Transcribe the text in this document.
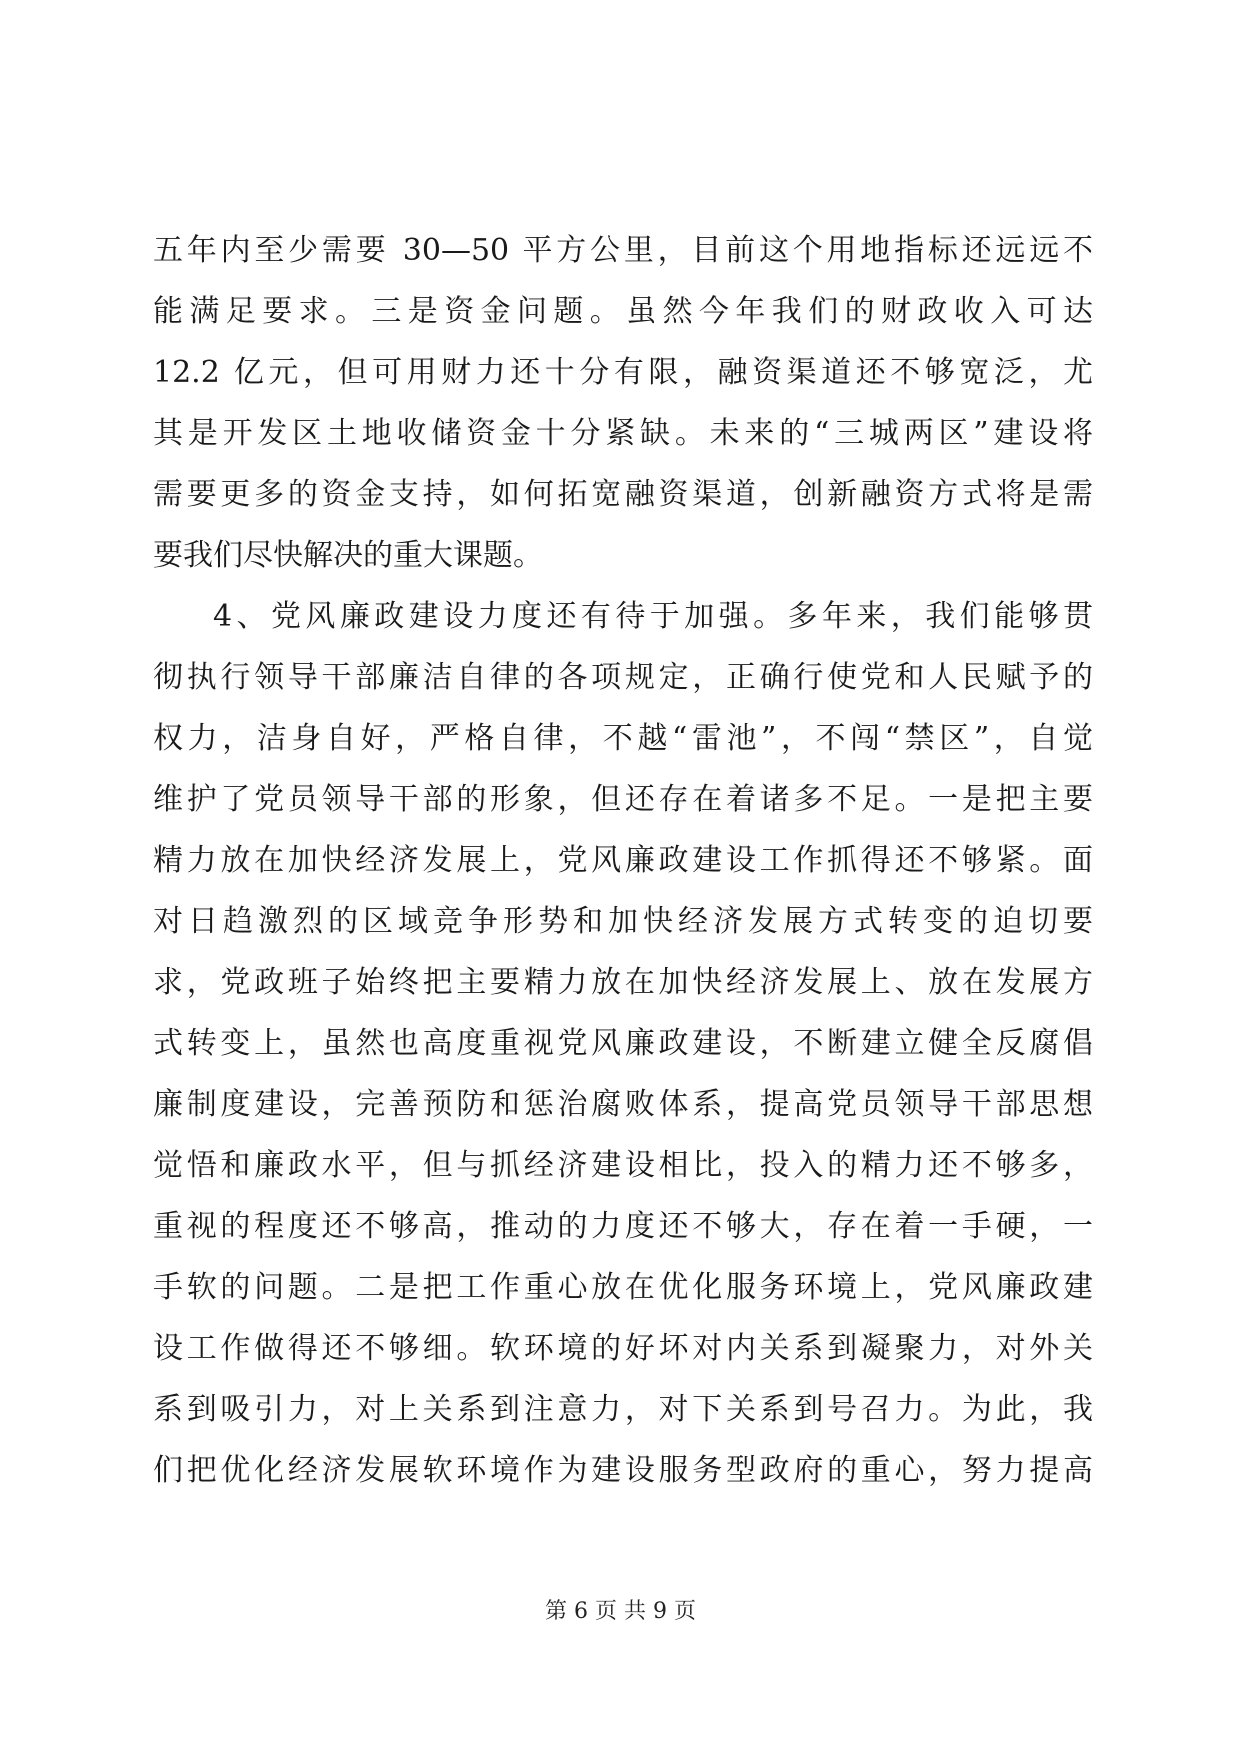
五年内至少需要 30—50 平方公里，目前这个用地指标还远远不
能满足要求。三是资金问题。虽然今年我们的财政收入可达
12.2 亿元，但可用财力还十分有限，融资渠道还不够宽泛，尤
其是开发区土地收储资金十分紧缺。未来的“三城两区”建设将
需要更多的资金支持，如何拓宽融资渠道，创新融资方式将是需
要我们尽快解决的重大课题。
4、党风廉政建设力度还有待于加强。多年来，我们能够贯
彻执行领导干部廉洁自律的各项规定，正确行使党和人民赋予的
权力，洁身自好，严格自律，不越“雷池”，不闯“禁区”，自觉
维护了党员领导干部的形象，但还存在着诸多不足。一是把主要
精力放在加快经济发展上，党风廉政建设工作抓得还不够紧。面
对日趋激烈的区域竞争形势和加快经济发展方式转变的迫切要
求，党政班子始终把主要精力放在加快经济发展上、放在发展方
式转变上，虽然也高度重视党风廉政建设，不断建立健全反腐倡
廉制度建设，完善预防和惩治腐败体系，提高党员领导干部思想
觉悟和廉政水平，但与抓经济建设相比，投入的精力还不够多，
重视的程度还不够高，推动的力度还不够大，存在着一手硬，一
手软的问题。二是把工作重心放在优化服务环境上，党风廉政建
设工作做得还不够细。软环境的好坏对内关系到凝聚力，对外关
系到吸引力，对上关系到注意力，对下关系到号召力。为此，我
们把优化经济发展软环境作为建设服务型政府的重心，努力提高
第 6 页 共 9 页
